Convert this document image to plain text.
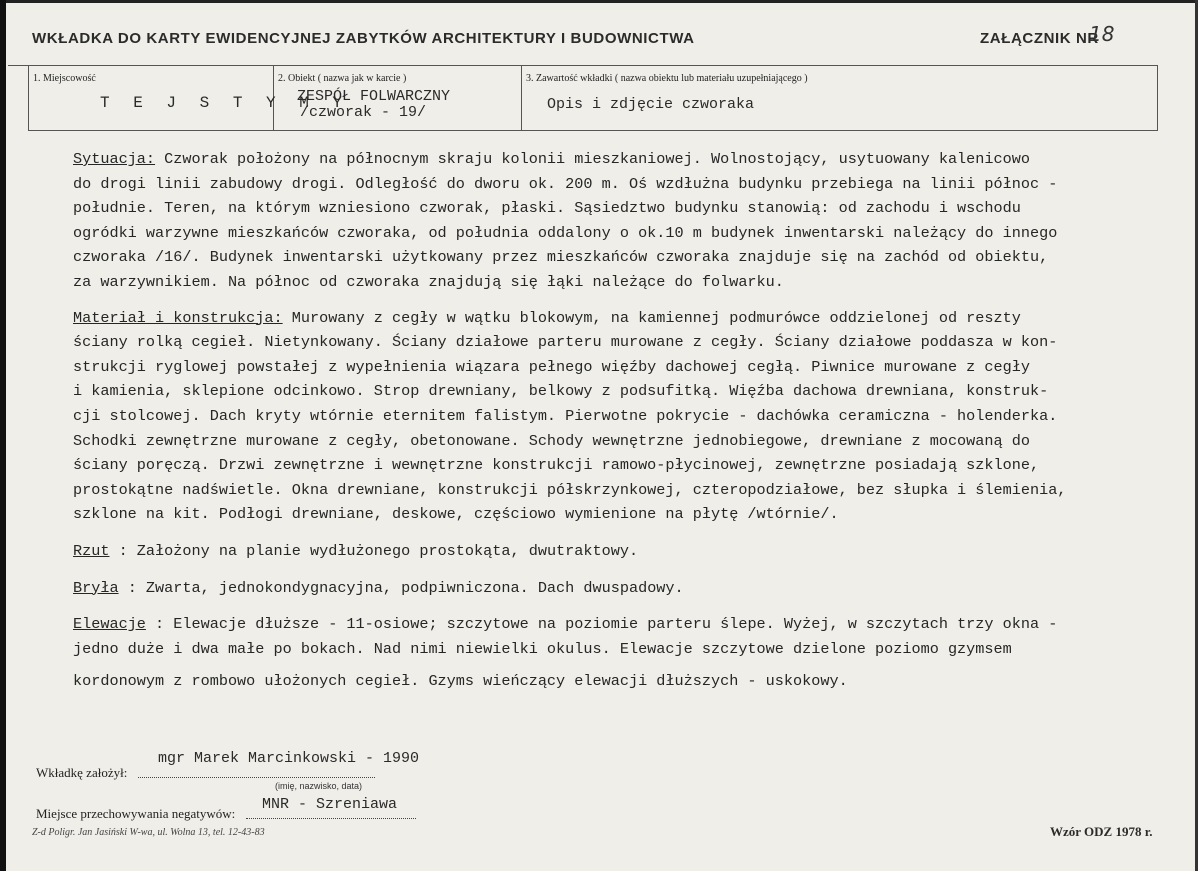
WKŁADKA DO KARTY EWIDENCYJNEJ ZABYTKÓW ARCHITEKTURY I BUDOWNICTWA	ZAŁĄCZNIK NR
18
1. Miejscowość
T E J S T Y M Y
2. Obiekt ( nazwa jak w karcie )
ZESPÓŁ FOLWARCZNY
/czworak - 19/
3. Zawartość wkładki ( nazwa obiektu lub materiału uzupełniającego )
Opis i zdjęcie czworaka
Sytuacja: Czworak położony na północnym skraju kolonii mieszkaniowej. Wolnostojący, usytuowany kalenicowo
do drogi linii zabudowy drogi. Odległość do dworu ok. 200 m. Oś wzdłużna budynku przebiega na linii północ -
południe. Teren, na którym wzniesiono czworak, płaski. Sąsiedztwo budynku stanowią: od zachodu i wschodu
ogródki warzywne mieszkańców czworaka, od południa oddalony o ok.10 m budynek inwentarski należący do innego
czworaka /16/. Budynek inwentarski użytkowany przez mieszkańców czworaka znajduje się na zachód od obiektu,
za warzywnikiem. Na północ od czworaka znajdują się łąki należące do folwarku.
Materiał i konstrukcja: Murowany z cegły w wątku blokowym, na kamiennej podmurówce oddzielonej od reszty
ściany rolką cegieł. Nietynkowany. Ściany działowe parteru murowane z cegły. Ściany działowe poddasza w kon-
strukcji ryglowej powstałej z wypełnienia wiązara pełnego więźby dachowej cegłą. Piwnice murowane z cegły
i kamienia, sklepione odcinkowo. Strop drewniany, belkowy z podsufitką. Więźba dachowa drewniana, konstruk-
cji stolcowej. Dach kryty wtórnie eternitem falistym. Pierwotne pokrycie - dachówka ceramiczna - holenderka.
Schodki zewnętrzne murowane z cegły, obetonowane. Schody wewnętrzne jednobiegowe, drewniane z mocowaną do
ściany poręczą. Drzwi zewnętrzne i wewnętrzne konstrukcji ramowo-płycinowej, zewnętrzne posiadają szklone,
prostokątne nadświetle. Okna drewniane, konstrukcji półskrzynkowej, czteropodziałowe, bez słupka i ślemienia,
szklone na kit. Podłogi drewniane, deskowe, częściowo wymienione na płytę /wtórnie/.
Rzut : Założony na planie wydłużonego prostokąta, dwutraktowy.
Bryła : Zwarta, jednokondygnacyjna, podpiwniczona. Dach dwuspadowy.
Elewacje : Elewacje dłuższe - 11-osiowe; szczytowe na poziomie parteru ślepe. Wyżej, w szczytach trzy okna -
jedno duże i dwa małe po bokach. Nad nimi niewielki okulus. Elewacje szczytowe dzielone poziomo gzymsem
kordonowym z rombowo ułożonych cegieł. Gzyms wieńczący elewacji dłuższych - uskokowy.
mgr Marek Marcinkowski - 1990
Wkładkę założył:
(imię, nazwisko, data)
MNR - Szreniawa
Miejsce przechowywania negatywów:
Z-d Poligr. Jan Jasiński W-wa, ul. Wolna 13, tel. 12-43-83	Wzór ODZ 1978 r.
